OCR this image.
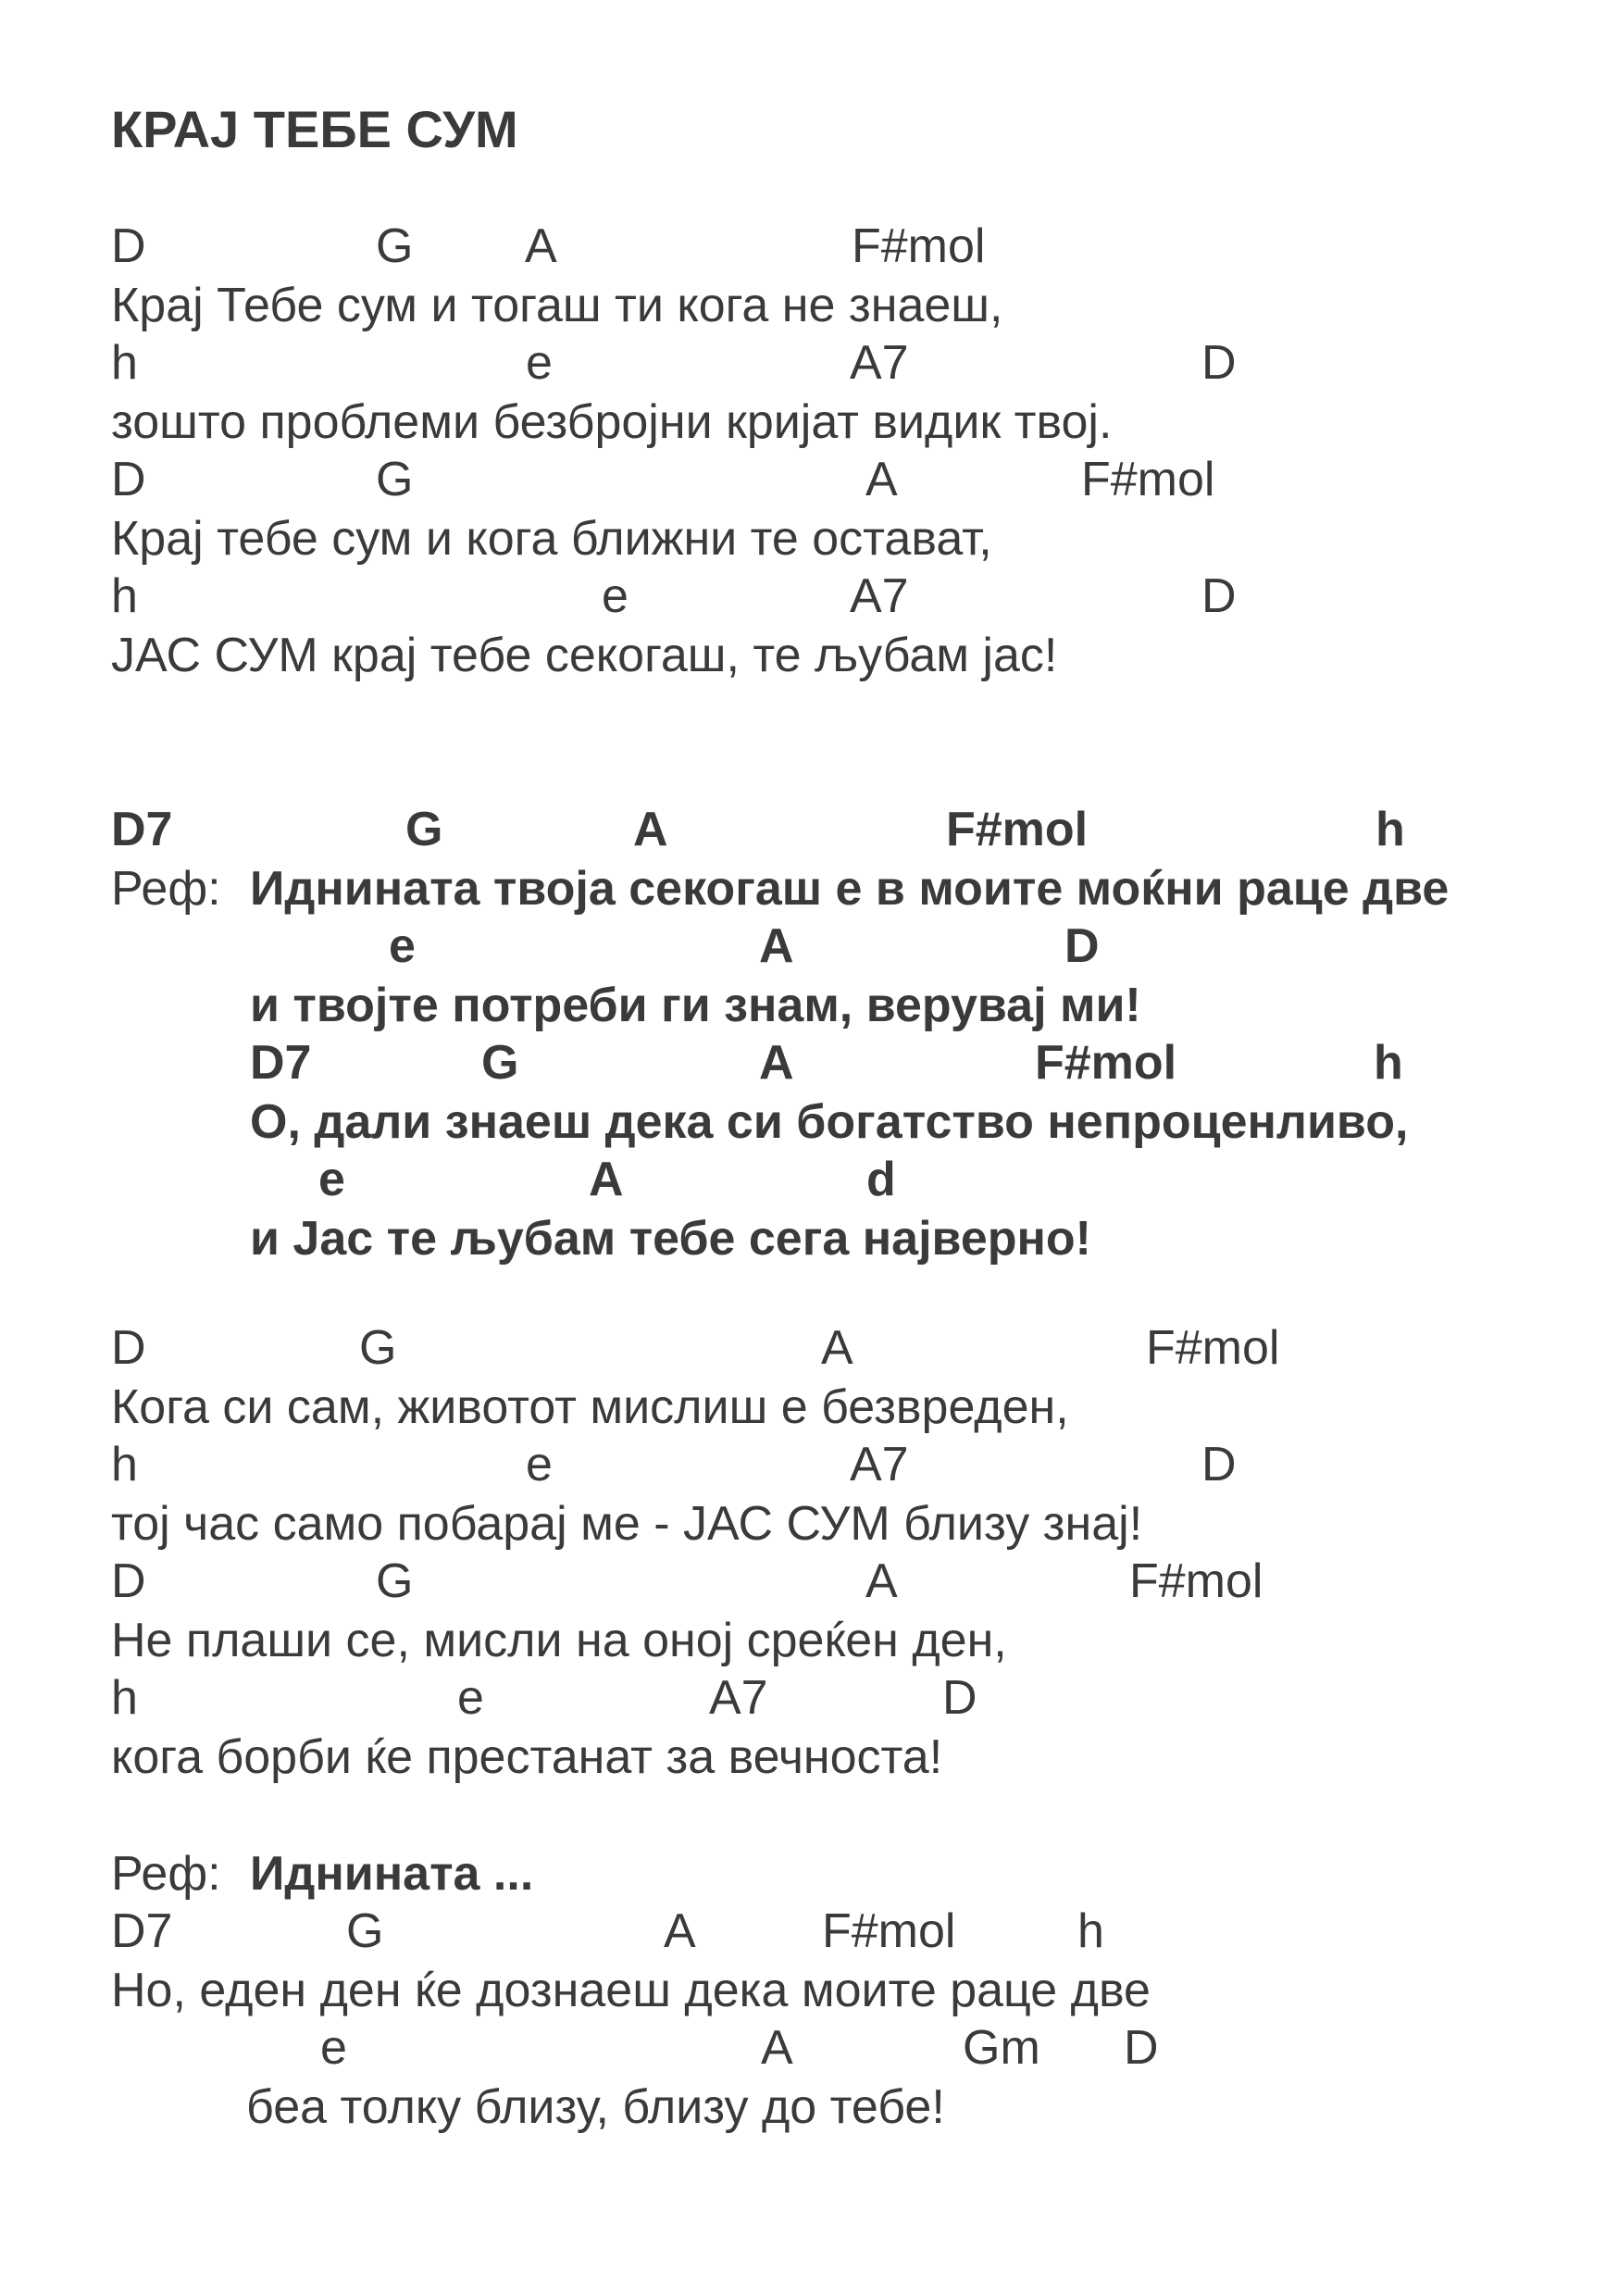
КРАЈ ТЕБЕ СУМ
D	G A	F#mol
Крај Тебе сум и тогаш ти кога не знаеш,
h	e	A7	D
зошто проблеми безбројни кријат видик твој.
D	G	A	F#mol
Крај тебе сум и кога ближни те остават,
h	e	A7	D
ЈАС СУМ крај тебе секогаш, те љубам јас!
D7	G	A	F#mol	h
Реф: Иднината твоја секогаш е в моите моќни раце две
e	A	D
и твојте потреби ги знам, верувај ми!
D7	G	A	F#mol	h
О, дали знаеш дека си богатство непроценливо,
e	A	d
и Јас те љубам тебе сега највернo!
D	G	A	F#mol
Кога си сам, животот мислиш е безвреден,
h	e	A7	D
тој час само побарај ме - ЈАС СУМ близу знај!
D	G	A	F#mol
Не плаши се, мисли на оној среќен ден,
h	e	A7	D
кога борби ќе престанат за вечноста!
Реф: Иднината ...
D7	G	A	F#mol	h
Но, еден ден ќе дознаеш дека моите раце две
e	A	Gm D
беа толку близу, близу до тебе!
